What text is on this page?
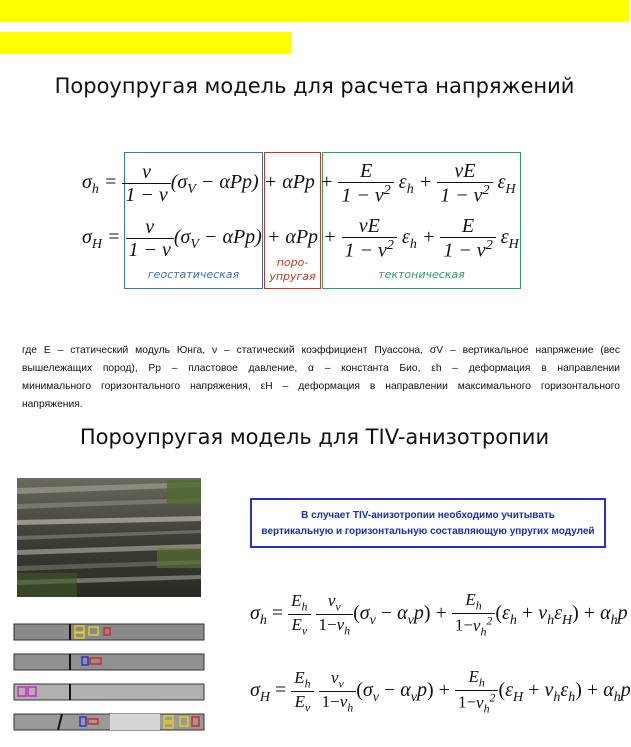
Пороупругая модель для расчета напряжений
$\sigma_h = \frac{\nu}{1 - \nu} (\sigma_V - \alpha Pp) + \alpha Pp + \frac{E}{1 - \nu^2} \varepsilon_h + \frac{\nu E}{1 - \nu^2} \varepsilon_H$
$\sigma_H = \frac{\nu}{1 - \nu} (\sigma_V - \alpha Pp) + \alpha Pp + \frac{\nu E}{1 - \nu^2} \varepsilon_h + \frac{E}{1 - \nu^2} \varepsilon_H$
геостатическая
поро-
упругая	тектоническая
где E – статический модуль Юнга, ν – статический коэффициент Пуассона, σV – вертикальное напряжение (вес
вышележащих пород), Pp – пластовое давление, α – константа Био, εh – деформация в направлении
минимального горизонтального напряжения, εH – деформация в направлении максимального горизонтального
напряжения.
Пороупругая модель для TIV-анизотропии
В случает TIV-анизотропии необходимо учитывать
вертикальную и горизонтальную составляющую упругих модулей
$\sigma_h = \frac{E_h}{E_v}$
$\frac{\nu_v}{1-\nu_h} (\sigma_v - \alpha_vp) + \frac{E_h}{1-\nu_h^2} (\varepsilon_h + \nu_h\varepsilon_H) + \alpha_hp$
$\sigma_H = \frac{E_h}{E_v}$
$\frac{\nu_v}{1-\nu_h} (\sigma_v - \alpha_vp) + \frac{E_h}{1-\nu_h^2} (\varepsilon_H + \nu_h\varepsilon_h) + \alpha_hp$
